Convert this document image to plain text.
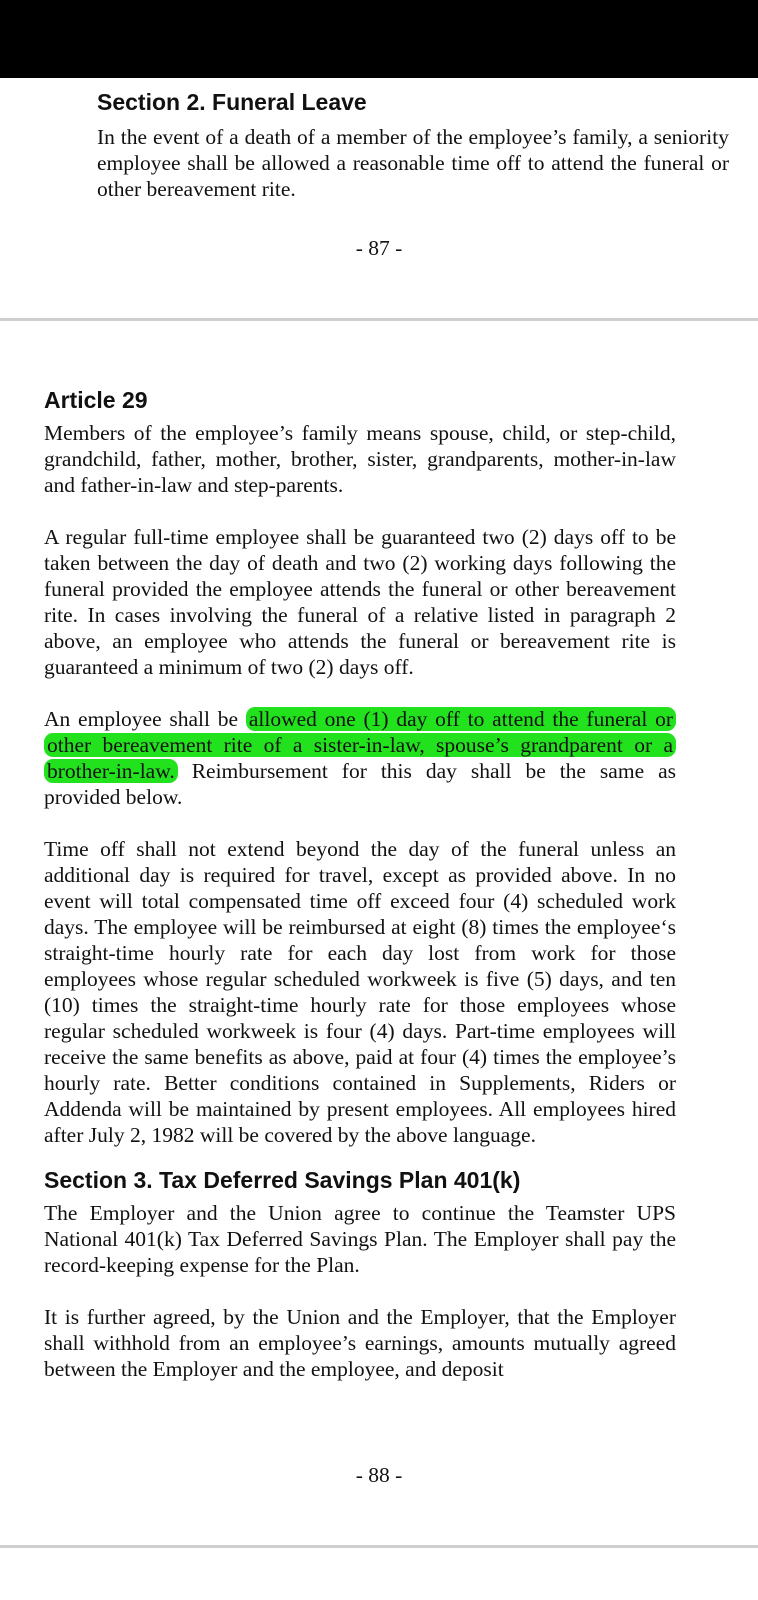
Section 2. Funeral Leave

In the event of a death of a member of the employee’s family, a seniority employee shall be allowed a reasonable time off to attend the funeral or other bereavement rite.

- 87 -
Article 29

Members of the employee’s family means spouse, child, or step-child, grandchild, father, mother, brother, sister, grandparents, mother-in-law and father-in-law and step-parents.

A regular full-time employee shall be guaranteed two (2) days off to be taken between the day of death and two (2) working days following the funeral provided the employee attends the funeral or other bereavement rite. In cases involving the funeral of a relative listed in paragraph 2 above, an employee who attends the funeral or bereavement rite is guaranteed a minimum of two (2) days off.

An employee shall be allowed one (1) day off to attend the funeral or other bereavement rite of a sister-in-law, spouse’s grandparent or a brother-in-law. Reimbursement for this day shall be the same as provided below.

Time off shall not extend beyond the day of the funeral unless an additional day is required for travel, except as provided above. In no event will total compensated time off exceed four (4) scheduled work days. The employee will be reimbursed at eight (8) times the employee‘s straight-time hourly rate for each day lost from work for those employees whose regular scheduled workweek is five (5) days, and ten (10) times the straight-time hourly rate for those employees whose regular scheduled workweek is four (4) days. Part-time employees will receive the same benefits as above, paid at four (4) times the employee’s hourly rate. Better conditions contained in Supplements, Riders or Addenda will be maintained by present employees. All employees hired after July 2, 1982 will be covered by the above language.

Section 3. Tax Deferred Savings Plan 401(k)

The Employer and the Union agree to continue the Teamster UPS National 401(k) Tax Deferred Savings Plan. The Employer shall pay the record-keeping expense for the Plan.

It is further agreed, by the Union and the Employer, that the Employer shall withhold from an employee’s earnings, amounts mutually agreed between the Employer and the employee, and deposit

- 88 -
